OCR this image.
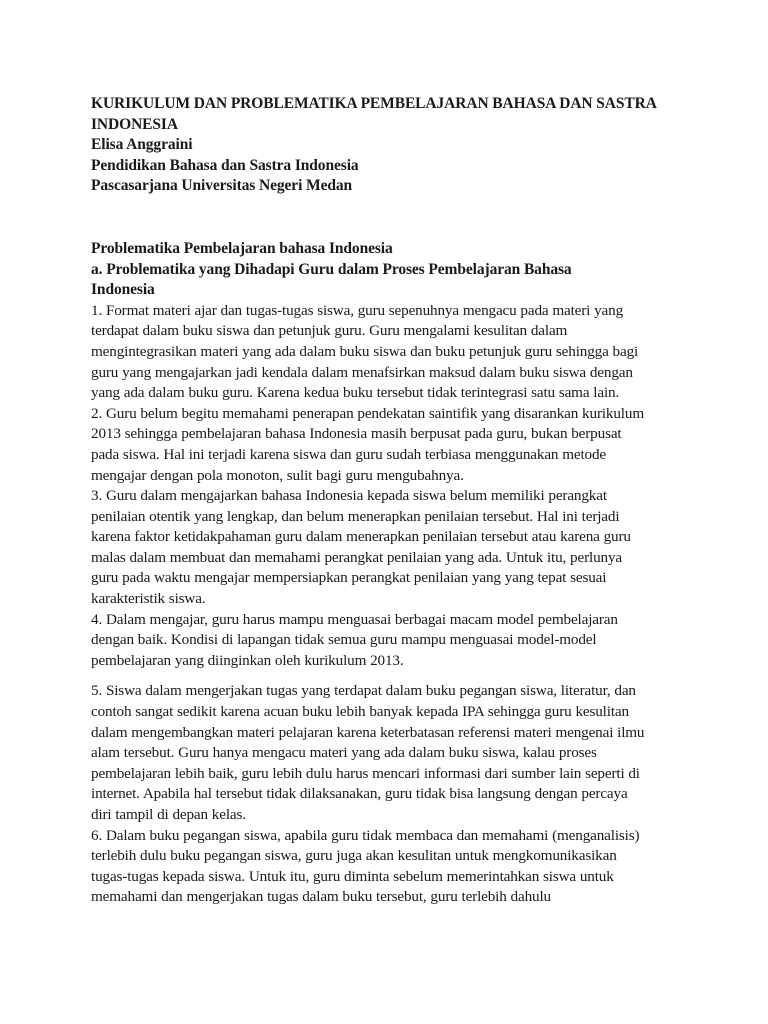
KURIKULUM DAN PROBLEMATIKA PEMBELAJARAN BAHASA DAN SASTRA INDONESIA
Elisa Anggraini
Pendidikan Bahasa dan Sastra Indonesia
Pascasarjana Universitas Negeri Medan
Problematika Pembelajaran bahasa Indonesia
a. Problematika yang Dihadapi Guru dalam Proses Pembelajaran Bahasa Indonesia
1. Format materi ajar dan tugas-tugas siswa, guru sepenuhnya mengacu pada materi yang terdapat dalam buku siswa dan petunjuk guru. Guru mengalami kesulitan dalam mengintegrasikan materi yang ada dalam buku siswa dan buku petunjuk guru sehingga bagi guru yang mengajarkan jadi kendala dalam menafsirkan maksud dalam buku siswa dengan yang ada dalam buku guru. Karena kedua buku tersebut tidak terintegrasi satu sama lain.
2. Guru belum begitu memahami penerapan pendekatan saintifik yang disarankan kurikulum 2013 sehingga pembelajaran bahasa Indonesia masih berpusat pada guru, bukan berpusat pada siswa. Hal ini terjadi karena siswa dan guru sudah terbiasa menggunakan metode mengajar dengan pola monoton, sulit bagi guru mengubahnya.
3. Guru dalam mengajarkan bahasa Indonesia kepada siswa belum memiliki perangkat penilaian otentik yang lengkap, dan belum menerapkan penilaian tersebut. Hal ini terjadi karena faktor ketidakpahaman guru dalam menerapkan penilaian tersebut atau karena guru malas dalam membuat dan memahami perangkat penilaian yang ada. Untuk itu, perlunya guru pada waktu mengajar mempersiapkan perangkat penilaian yang yang tepat sesuai karakteristik siswa.
4. Dalam mengajar, guru harus mampu menguasai berbagai macam model pembelajaran dengan baik. Kondisi di lapangan tidak semua guru mampu menguasai model-model pembelajaran yang diinginkan oleh kurikulum 2013.
5. Siswa dalam mengerjakan tugas yang terdapat dalam buku pegangan siswa, literatur, dan contoh sangat sedikit karena acuan buku lebih banyak kepada IPA sehingga guru kesulitan dalam mengembangkan materi pelajaran karena keterbatasan referensi materi mengenai ilmu alam tersebut. Guru hanya mengacu materi yang ada dalam buku siswa, kalau proses pembelajaran lebih baik, guru lebih dulu harus mencari informasi dari sumber lain seperti di internet. Apabila hal tersebut tidak dilaksanakan, guru tidak bisa langsung dengan percaya diri tampil di depan kelas.
6. Dalam buku pegangan siswa, apabila guru tidak membaca dan memahami (menganalisis) terlebih dulu buku pegangan siswa, guru juga akan kesulitan untuk mengkomunikasikan tugas-tugas kepada siswa. Untuk itu, guru diminta sebelum memerintahkan siswa untuk memahami dan mengerjakan tugas dalam buku tersebut, guru terlebih dahulu
